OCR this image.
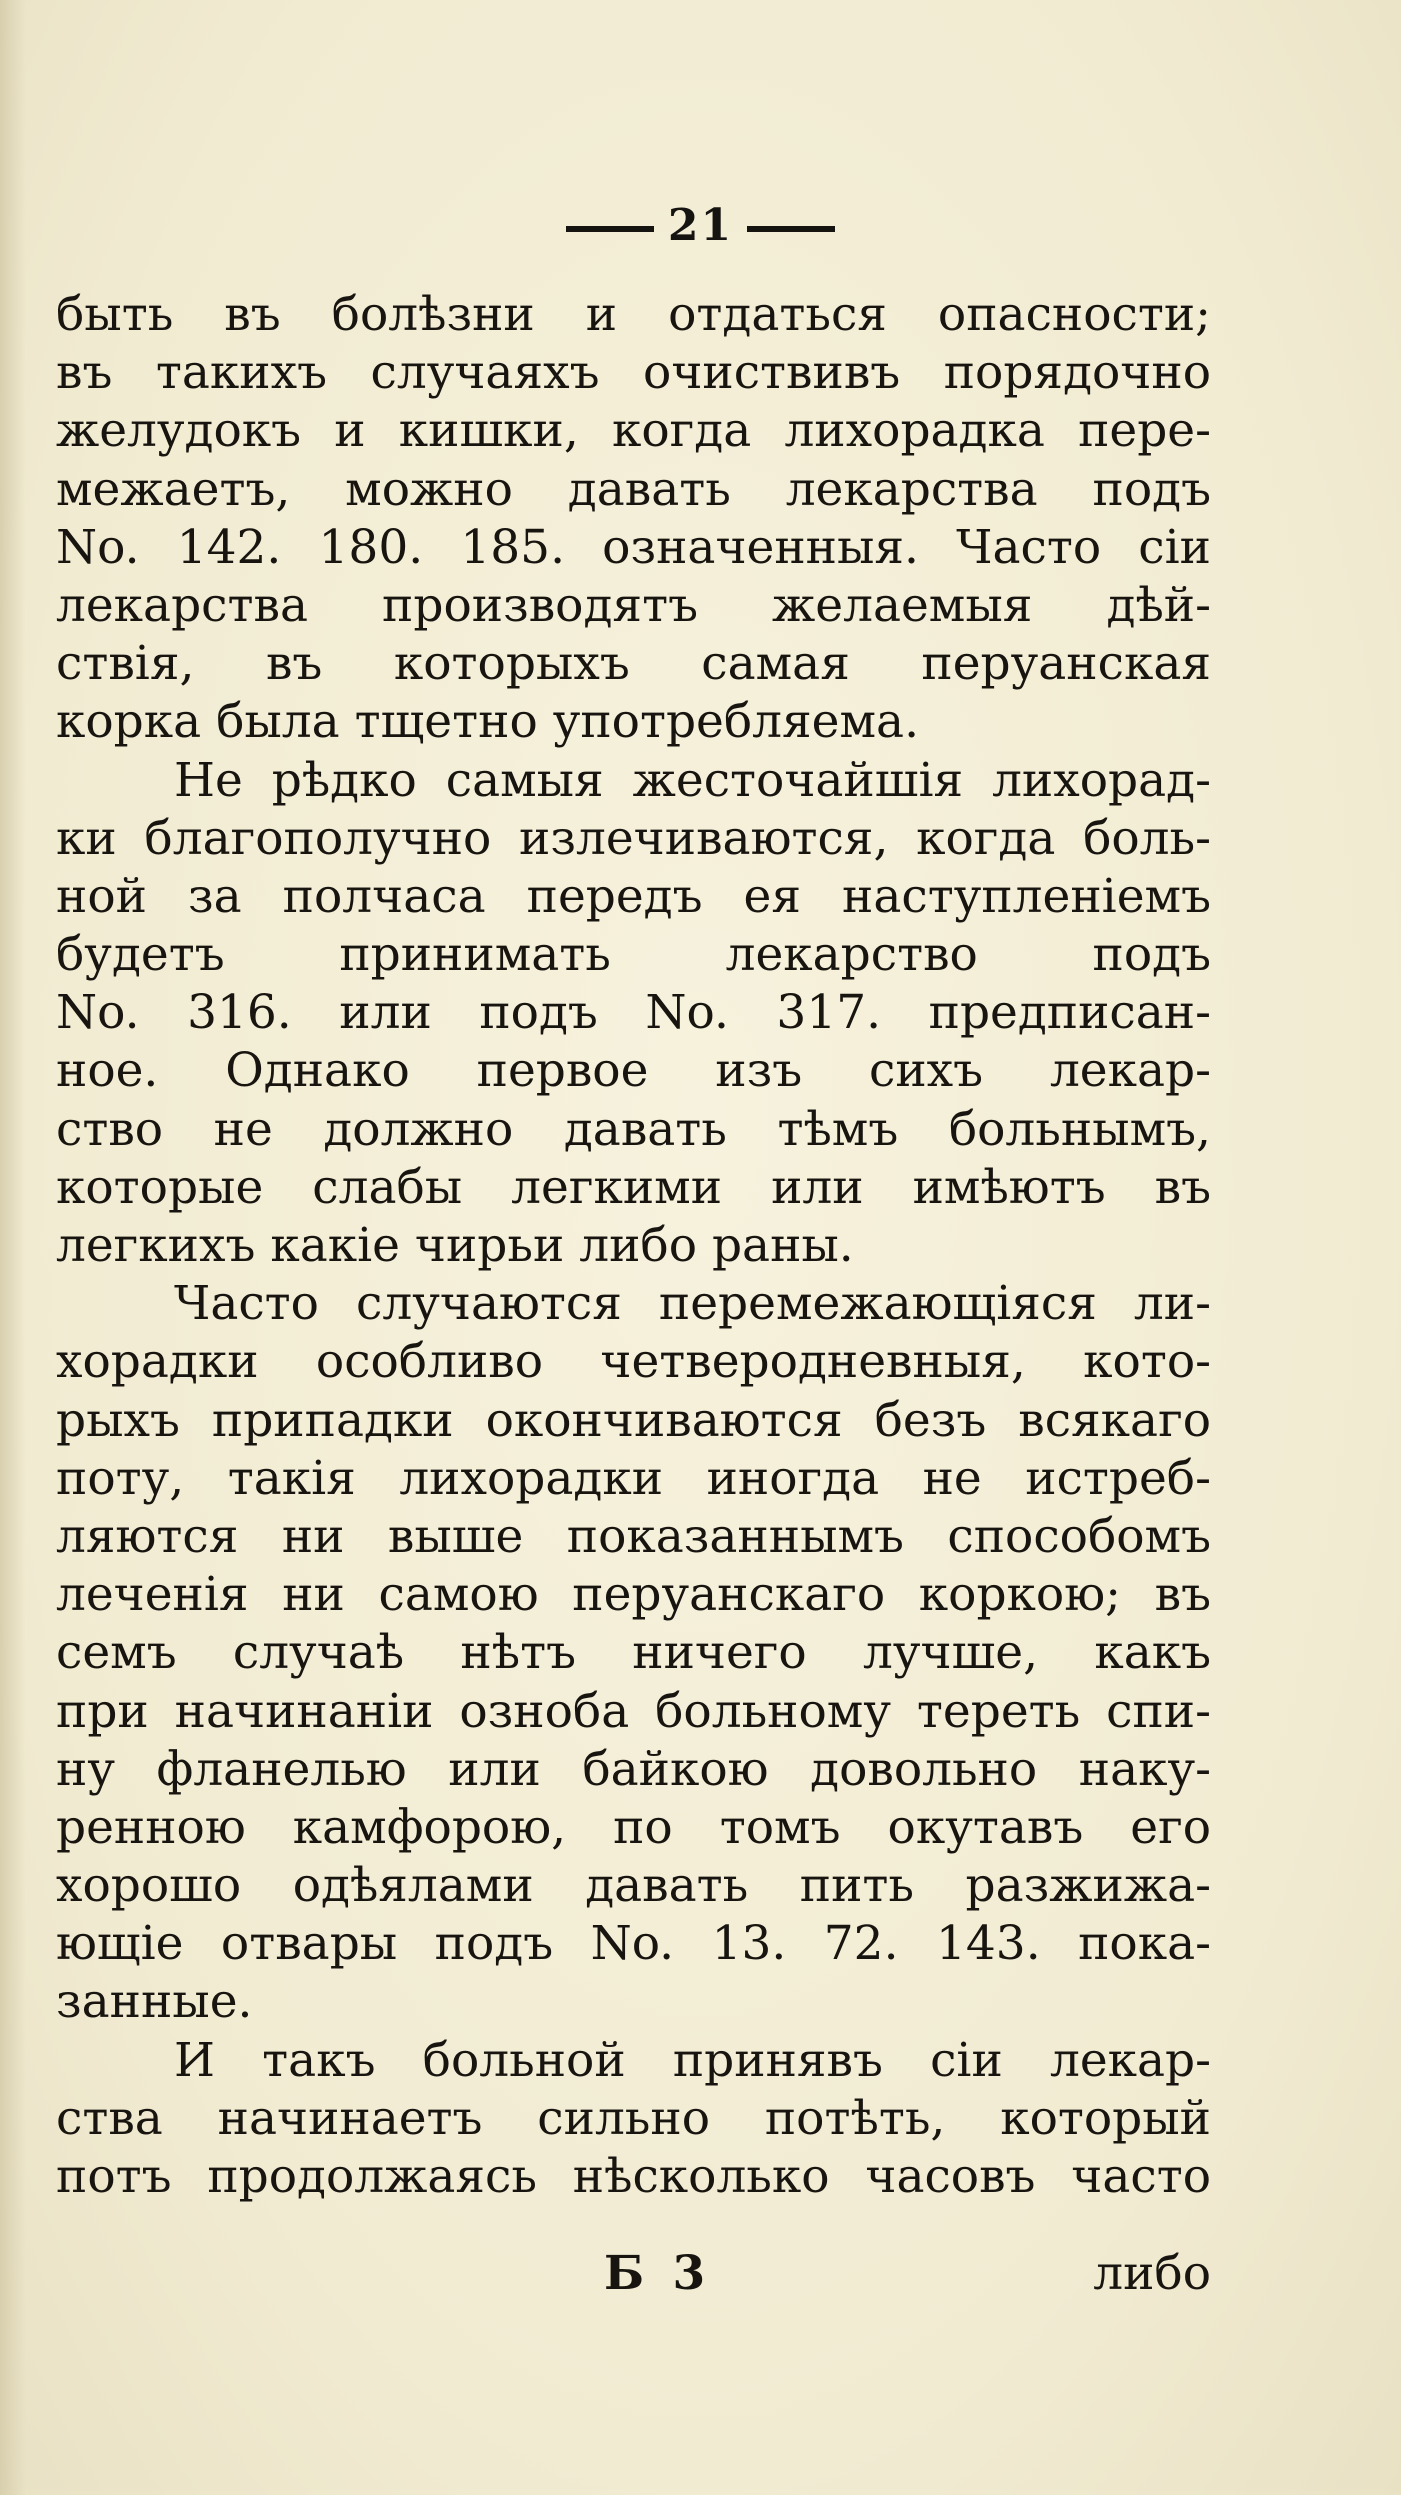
21
быть въ болѣзни и отдаться опасности;
въ такихъ случаяхъ очиствивъ порядочно
желудокъ и кишки, когда лихорадка пере-
межаетъ, можно давать лекарства подъ
No. 142. 180. 185. означенныя. Часто сіи
лекарства производятъ желаемыя дѣй-
ствія, въ которыхъ самая перуанская
корка была тщетно употребляема.
Не рѣдко самыя жесточайшія лихорад-
ки благополучно излечиваются, когда боль-
ной за полчаса передъ ея наступленіемъ
будетъ принимать лекарство подъ
No. 316. или подъ No. 317. предписан-
ное. Однако первое изъ сихъ лекар-
ство не должно давать тѣмъ больнымъ,
которые слабы легкими или имѣютъ въ
легкихъ какіе чирьи либо раны.
Часто случаются перемежающіяся ли-
хорадки особливо четверодневныя, кото-
рыхъ припадки окончиваются безъ всякаго
поту, такія лихорадки иногда не истреб-
ляются ни выше показаннымъ способомъ
леченія ни самою перуанскаго коркою; въ
семъ случаѣ нѣтъ ничего лучше, какъ
при начинаніи озноба больному тереть спи-
ну фланелью или байкою довольно наку-
ренною камфорою, по томъ окутавъ его
хорошо одѣялами давать пить разжижа-
ющіе отвары подъ No. 13. 72. 143. пока-
занные.
И такъ больной принявъ сіи лекар-
ства начинаетъ сильно потѣть, который
потъ продолжаясь нѣсколько часовъ часто
Б 3	либо
